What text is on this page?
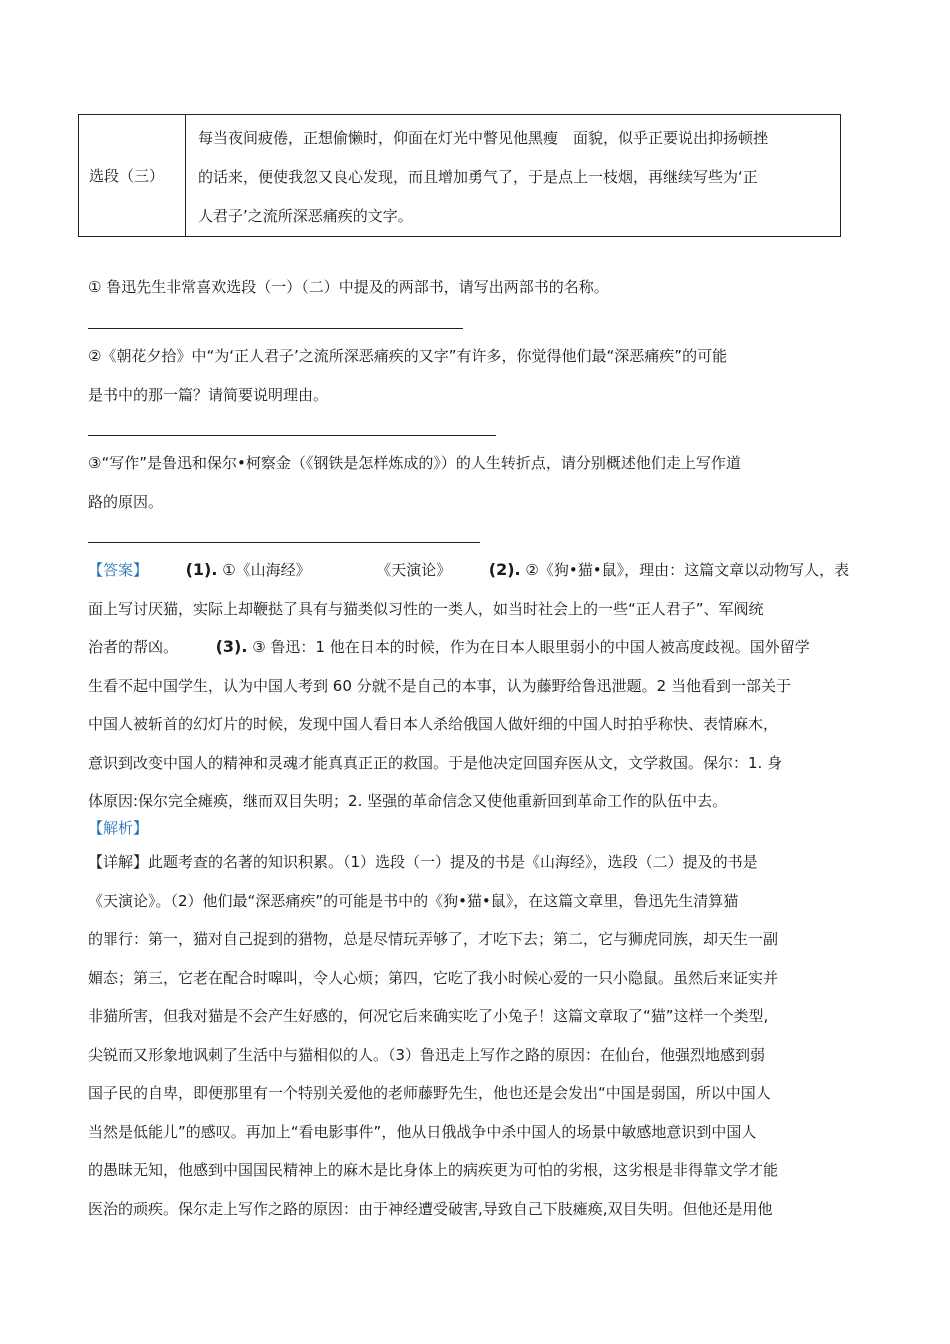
选段（三）
每当夜间疲倦，正想偷懒时，仰面在灯光中瞥见他黑瘦　面貌，似乎正要说出抑扬顿挫
的话来，便使我忽又良心发现，而且增加勇气了，于是点上一枝烟，再继续写些为‘正
人君子’之流所深恶痛疾的文字。
① 鲁迅先生非常喜欢选段（一）（二）中提及的两部书，请写出两部书的名称。
②《朝花夕拾》中“为‘正人君子’之流所深恶痛疾的又字”有许多，你觉得他们最“深恶痛疾”的可能
是书中的那一篇？请简要说明理由。
③“写作”是鲁迅和保尔•柯察金（《钢铁是怎样炼成的》）的人生转折点，请分别概述他们走上写作道
路的原因。

【答案】 (1). ①《山海经》	《天演论》 (2). ②《狗•猫•鼠》，理由：这篇文章以动物写人，表

面上写讨厌猫，实际上却鞭挞了具有与猫类似习性的一类人，如当时社会上的一些“正人君子”、军阀统

治者的帮凶。 (3). ③ 鲁迅：1 他在日本的时候，作为在日本人眼里弱小的中国人被高度歧视。国外留学

生看不起中国学生，认为中国人考到 60 分就不是自己的本事，认为藤野给鲁迅泄题。2 当他看到一部关于

中国人被斩首的幻灯片的时候，发现中国人看日本人杀给俄国人做奸细的中国人时拍乎称快、表情麻木，

意识到改变中国人的精神和灵魂才能真真正正的救国。于是他决定回国弃医从文，文学救国。保尔：1. 身

体原因:保尔完全瘫痪，继而双目失明；2. 坚强的革命信念又使他重新回到革命工作的队伍中去。

【解析】

【详解】此题考查的名著的知识积累。（1）选段（一）提及的书是《山海经》，选段（二）提及的书是

《天演论》。（2）他们最“深恶痛疾”的可能是书中的《狗•猫•鼠》，在这篇文章里，鲁迅先生清算猫

的罪行：第一，猫对自己捉到的猎物，总是尽情玩弄够了，才吃下去；第二，它与狮虎同族，却天生一副

媚态；第三，它老在配合时嗥叫，令人心烦；第四，它吃了我小时候心爱的一只小隐鼠。虽然后来证实并

非猫所害，但我对猫是不会产生好感的，何况它后来确实吃了小兔子！这篇文章取了“猫”这样一个类型,

尖锐而又形象地讽刺了生活中与猫相似的人。（3）鲁迅走上写作之路的原因：在仙台，他强烈地感到弱

国子民的自卑，即便那里有一个特别关爱他的老师藤野先生，他也还是会发出“中国是弱国，所以中国人

当然是低能儿”的感叹。再加上“看电影事件”，他从日俄战争中杀中国人的场景中敏感地意识到中国人

的愚昧无知，他感到中国国民精神上的麻木是比身体上的病疾更为可怕的劣根，这劣根是非得靠文学才能

医治的顽疾。保尔走上写作之路的原因：由于神经遭受破害,导致自己下肢瘫痪,双目失明。但他还是用他
